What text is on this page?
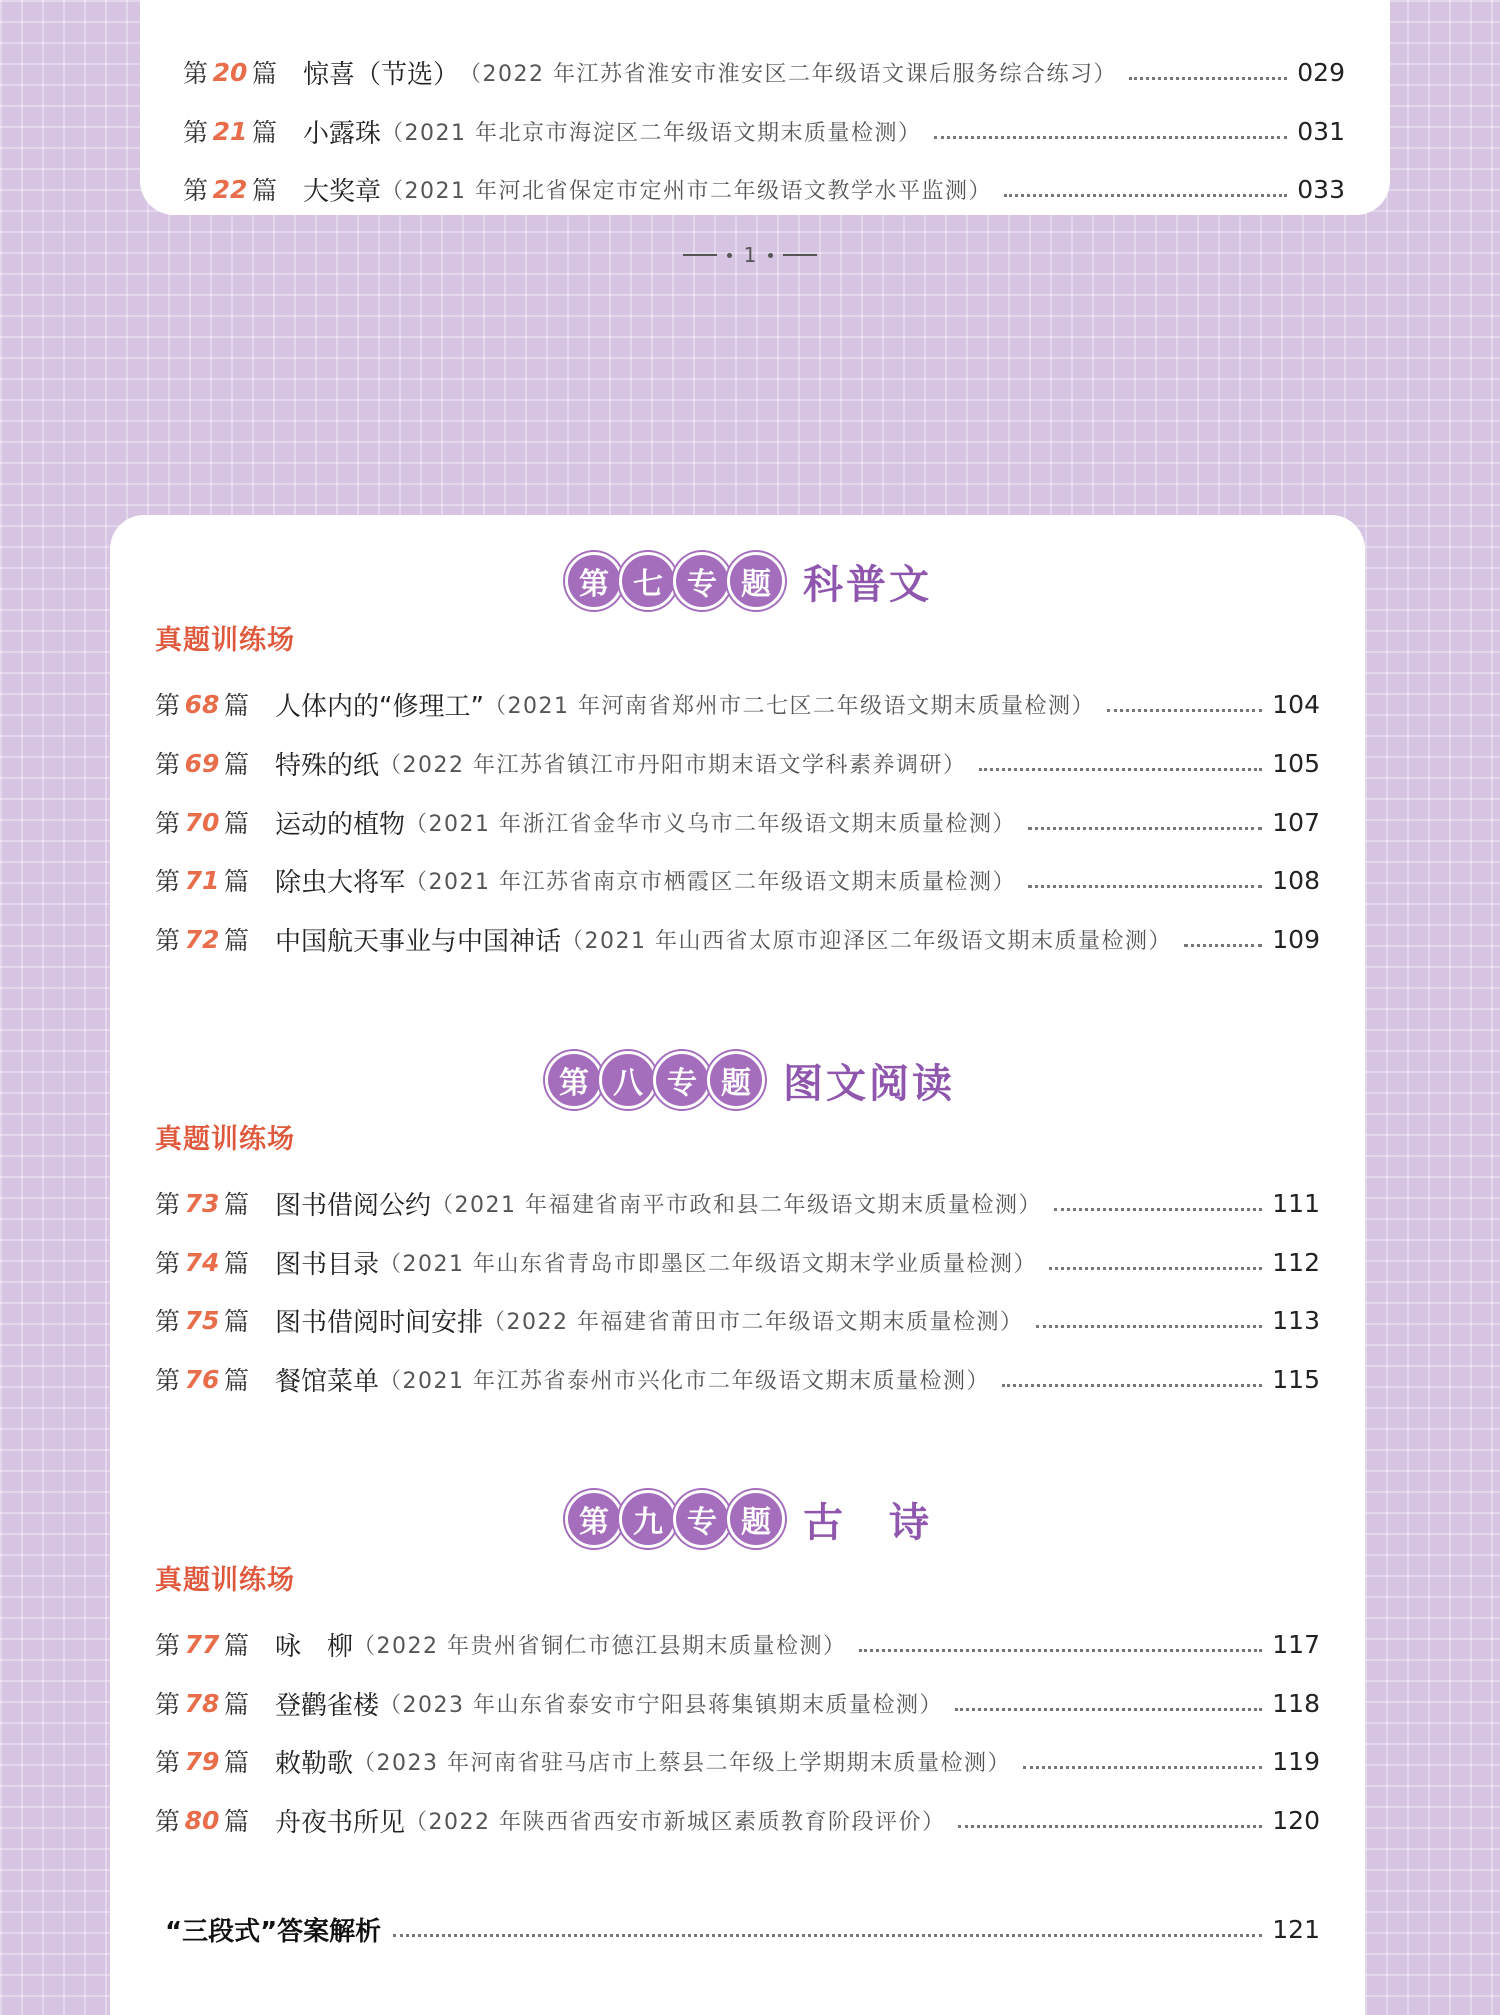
第 20 篇 惊喜（节选） （2022 年江苏省淮安市淮安区二年级语文课后服务综合练习）	029
第 21 篇 小露珠 （2021 年北京市海淀区二年级语文期末质量检测）	031
第 22 篇 大奖章 （2021 年河北省保定市定州市二年级语文教学水平监测）	033
1
第 七 专 题 科普文
真题训练场
第 68 篇 人体内的“修理工” （2021 年河南省郑州市二七区二年级语文期末质量检测）	104
第 69 篇 特殊的纸 （2022 年江苏省镇江市丹阳市期末语文学科素养调研）	105
第 70 篇 运动的植物 （2021 年浙江省金华市义乌市二年级语文期末质量检测）	107
第 71 篇 除虫大将军 （2021 年江苏省南京市栖霞区二年级语文期末质量检测）	108
第 72 篇 中国航天事业与中国神话 （2021 年山西省太原市迎泽区二年级语文期末质量检测）	109
第 八 专 题 图文阅读
真题训练场
第 73 篇 图书借阅公约 （2021 年福建省南平市政和县二年级语文期末质量检测）	111
第 74 篇 图书目录 （2021 年山东省青岛市即墨区二年级语文期末学业质量检测）	112
第 75 篇 图书借阅时间安排 （2022 年福建省莆田市二年级语文期末质量检测）	113
第 76 篇 餐馆菜单 （2021 年江苏省泰州市兴化市二年级语文期末质量检测）	115
第 九 专 题 古　诗
真题训练场
第 77 篇 咏　柳 （2022 年贵州省铜仁市德江县期末质量检测）	117
第 78 篇 登鹳雀楼 （2023 年山东省泰安市宁阳县蒋集镇期末质量检测）	118
第 79 篇 敕勒歌 （2023 年河南省驻马店市上蔡县二年级上学期期末质量检测）	119
第 80 篇 舟夜书所见 （2022 年陕西省西安市新城区素质教育阶段评价）	120
“三段式”答案解析	121
